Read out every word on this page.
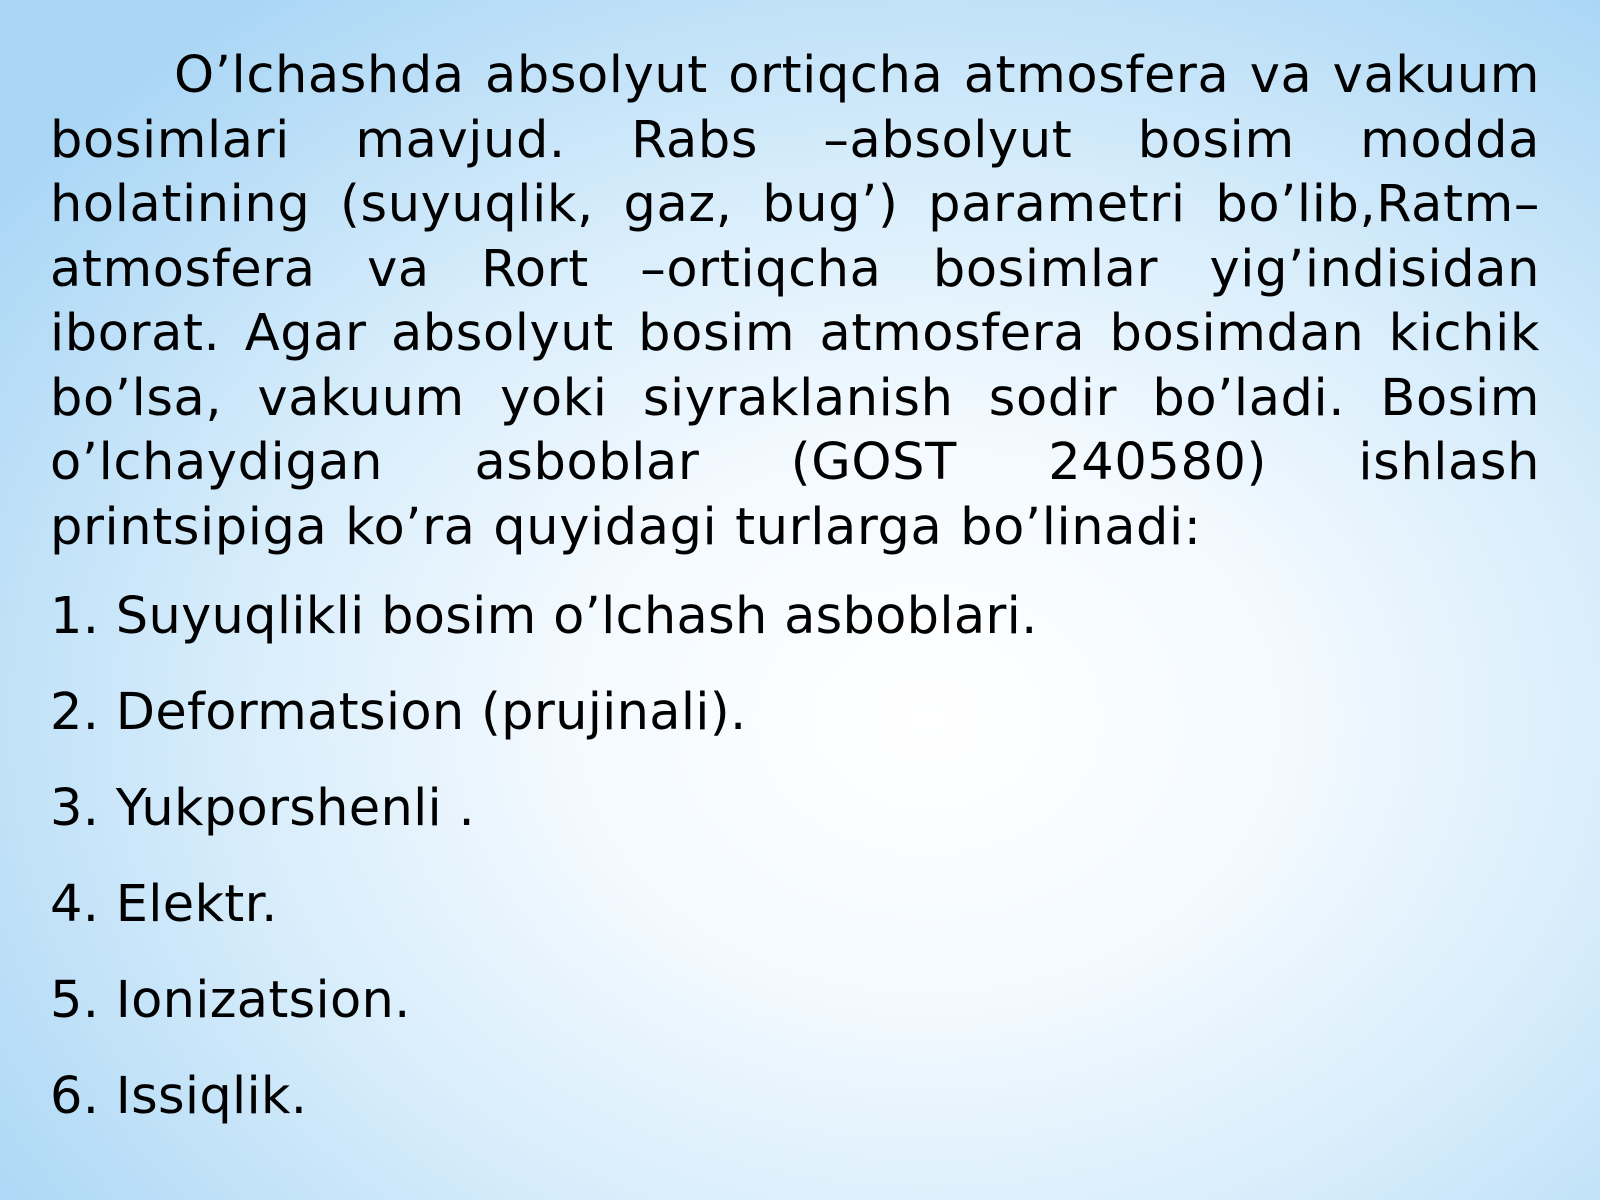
O’lchashda absolyut ortiqcha atmosfera va vakuum bosimlari mavjud. Rabs –absolyut bosim modda holatining (suyuqlik, gaz, bug’) parametri bo’lib,Ratm–atmosfera va Rort –ortiqcha bosimlar yig’indisidan iborat. Agar absolyut bosim atmosfera bosimdan kichik bo’lsa, vakuum yoki siyraklanish sodir bo’ladi. Bosim o’lchaydigan asboblar (GOST 240580) ishlash printsipiga ko’ra quyidagi turlarga bo’linadi:

1. Suyuqlikli bosim o’lchash asboblari.
2. Deformatsion (prujinali).
3. Yukporshenli .
4. Elektr.
5. Ionizatsion.
6. Issiqlik.
